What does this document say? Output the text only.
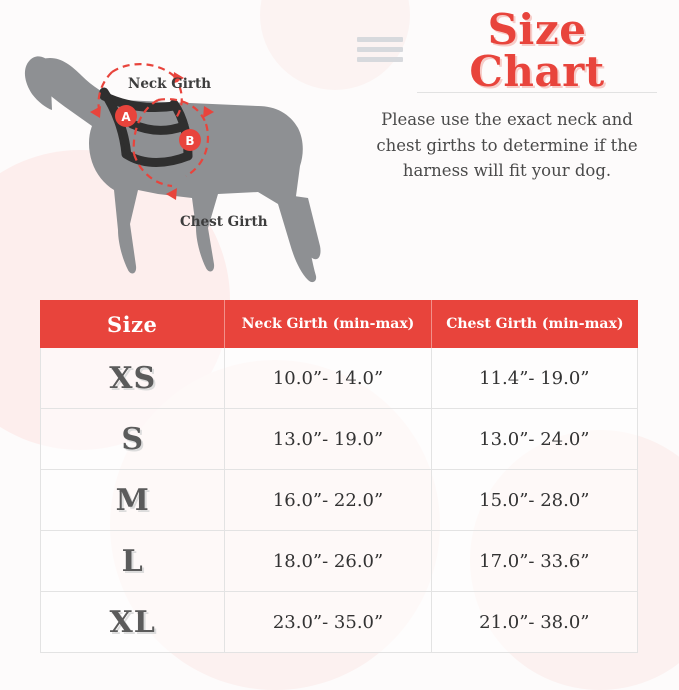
A
B
Neck Girth
Chest Girth
Size Chart
Please use the exact neck and chest girths to determine if the harness will fit your dog.
Size	Neck Girth (min-max)	Chest Girth (min-max)
XS	10.0”- 14.0”	11.4”- 19.0”
S	13.0”- 19.0”	13.0”- 24.0”
M	16.0”- 22.0”	15.0”- 28.0”
L	18.0”- 26.0”	17.0”- 33.6”
XL	23.0”- 35.0”	21.0”- 38.0”
